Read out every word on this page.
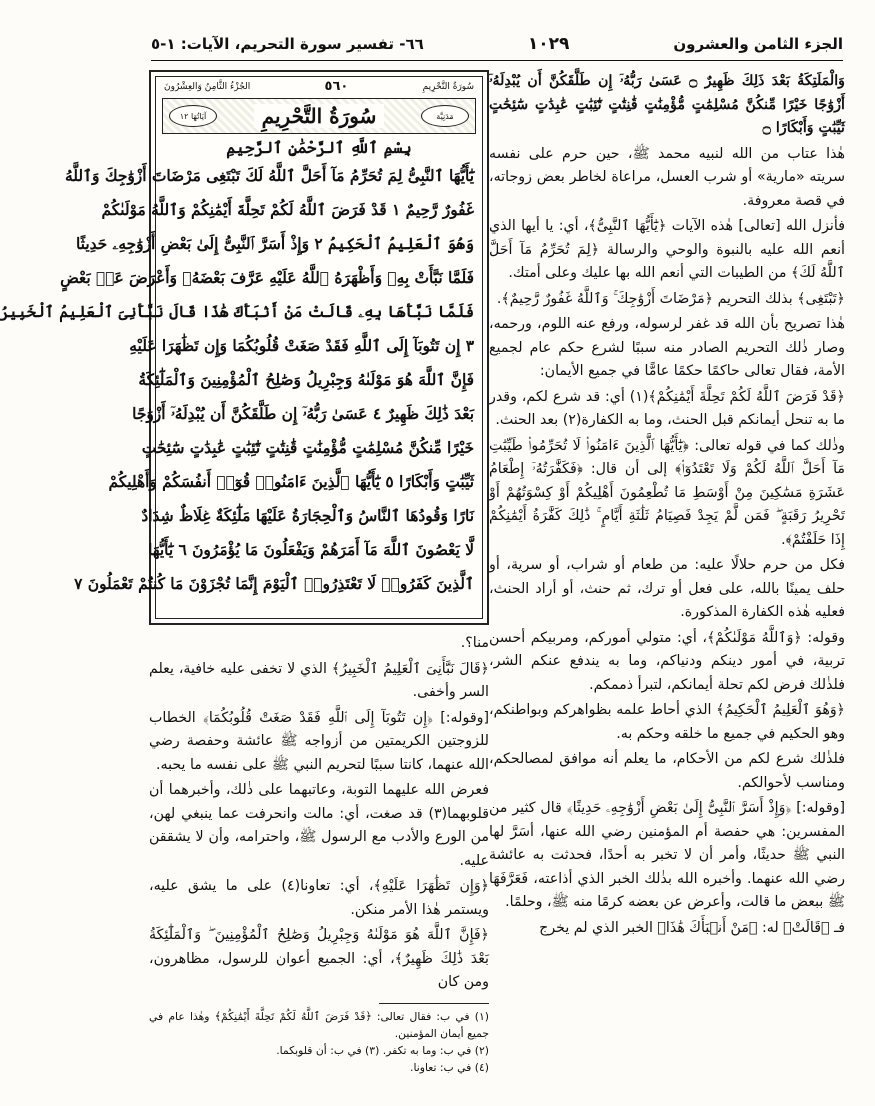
الجزء الثامن والعشرون
١٠٢٩
٦٦- تفسير سورة التحريم، الآيات: ١-٥

وَالْمَلَتِكَةُ بَعْدَ ذَلِكَ ظَهِيرٌ ۝ عَسَىٰ رَبُّهُۥٓ إِن طَلَّقَكُنَّ أَن يُبْدِلَهُۥٓ أَزْوَٰجًا خَيْرًا مِّنكُنَّ مُسْلِمَٰتٍ مُّؤْمِنَٰتٍ قَٰنِتَٰتٍ تَٰٓئِبَٰتٍ عَٰبِدَٰتٍ سَٰٓئِحَٰتٍ ثَيِّبَٰتٍ وَأَبْكَارًا ۝

هٰذا عتاب من الله لنبيه محمد ﷺ، حين حرم على نفسه سريته «مارية» أو شرب العسل، مراعاة لخاطر بعض زوجاته، في قصة معروفة.

فأنزل الله [تعالى] هٰذه الآيات ﴿يَٰٓأَيُّهَا ٱلنَّبِىُّ﴾، أي: يا أيها الذي أنعم الله عليه بالنبوة والوحي والرسالة ﴿لِمَ تُحَرِّمُ مَآ أَحَلَّ ٱللَّهُ لَكَ﴾ من الطيبات التي أنعم الله بها عليك وعلى أمتك.

﴿تَبْتَغِى﴾ بذلك التحريم ﴿مَرْضَاتَ أَزْوَٰجِكَ ۚ وَٱللَّهُ غَفُورٌ رَّحِيمٌ﴾.

هٰذا تصريح بأن الله قد غفر لرسوله، ورفع عنه اللوم، ورحمه، وصار ذٰلك التحريم الصادر منه سببًا لشرع حكم عام لجميع الأمة، فقال تعالى حاكمًا حكمًا عامًّا في جميع الأيمان:

﴿قَدْ فَرَضَ ٱللَّهُ لَكُمْ تَحِلَّةَ أَيْمَٰنِكُمْ﴾(١) أي: قد شرع لكم، وقدر ما به تنحل أيمانكم قبل الحنث، وما به الكفارة(٢) بعد الحنث.

وذٰلك كما في قوله تعالى: ﴿يَٰٓأَيُّهَا ٱلَّذِينَ ءَامَنُوا۟ لَا تُحَرِّمُوا۟ طَيِّبَٰتِ مَآ أَحَلَّ ٱللَّهُ لَكُمْ وَلَا تَعْتَدُوٓا۟﴾ إلى أن قال: ﴿فَكَفَّٰرَتُهُۥٓ إِطْعَامُ عَشَرَةِ مَسَٰكِينَ مِنْ أَوْسَطِ مَا تُطْعِمُونَ أَهْلِيكُمْ أَوْ كِسْوَتُهُمْ أَوْ تَحْرِيرُ رَقَبَةٍ ۖ فَمَن لَّمْ يَجِدْ فَصِيَامُ ثَلَٰثَةِ أَيَّامٍ ۚ ذَٰلِكَ كَفَّٰرَةُ أَيْمَٰنِكُمْ إِذَا حَلَفْتُمْ﴾.

فكل من حرم حلالًا عليه: من طعام أو شراب، أو سرية، أو حلف يمينًا بالله، على فعل أو ترك، ثم حنث، أو أراد الحنث، فعليه هٰذه الكفارة المذكورة.

وقوله: ﴿وَٱللَّهُ مَوْلَىٰكُمْ﴾، أي: متولي أموركم، ومربيكم أحسن تربية، في أمور دينكم ودنياكم، وما به يندفع عنكم الشر، فلذٰلك فرض لكم تحلة أيمانكم، لتبرأ ذممكم.

﴿وَهُوَ ٱلْعَلِيمُ ٱلْحَكِيمُ﴾ الذي أحاط علمه بظواهركم وبواطنكم، وهو الحكيم في جميع ما خلقه وحكم به.

فلذٰلك شرع لكم من الأحكام، ما يعلم أنه موافق لمصالحكم، ومناسب لأحوالكم.

[وقوله:] ﴿وَإِذْ أَسَرَّ ٱلنَّبِىُّ إِلَىٰ بَعْضِ أَزْوَٰجِهِۦ حَدِيثًا﴾ قال كثير من المفسرين: هي حفصة أم المؤمنين رضي الله عنها، أسَرَّ لها النبي ﷺ حديثًا، وأمر أن لا تخبر به أحدًا، فحدثت به عائشة رضي الله عنهما. وأخبره الله بذٰلك الخبر الذي أذاعته، فَعَرَّفَهَا ﷺ ببعض ما قالت، وأعرض عن بعضه كرمًا منه ﷺ، وحلمًا.

فـ ﴿قَالَتْ﴾ له: ﴿مَنْ أَنۢبَأَكَ هَٰذَا﴾ الخبر الذي لم يخرج

سُورَةُ التَّحْرِيمِ
٥٦٠
الجُزْءُ الثَّامِنُ وَالعِشْرُونَ
مَدَنِيَّة
سُورَةُ التَّحْرِيمِ
آيَاتُهَا ١٢
بِسْمِ ٱللَّهِ ٱلرَّحْمَٰنِ ٱلرَّحِيمِ
يَٰٓأَيُّهَا ٱلنَّبِىُّ لِمَ تُحَرِّمُ مَآ أَحَلَّ ٱللَّهُ لَكَ تَبْتَغِى مَرْضَاتَ أَزْوَٰجِكَ وَٱللَّهُ
غَفُورٌ رَّحِيمٌ ١ قَدْ فَرَضَ ٱللَّهُ لَكُمْ تَحِلَّةَ أَيْمَٰنِكُمْ وَٱللَّهُ مَوْلَىٰكُمْ
وَهُوَ ٱلْعَلِيمُ ٱلْحَكِيمُ ٢ وَإِذْ أَسَرَّ ٱلنَّبِىُّ إِلَىٰ بَعْضِ أَزْوَٰجِهِۦ حَدِيثًا
فَلَمَّا نَبَّأَتْ بِهِۦ وَأَظْهَرَهُ ٱللَّهُ عَلَيْهِ عَرَّفَ بَعْضَهُۥ وَأَعْرَضَ عَنۢ بَعْضٍ
فَلَمَّا نَبَّأَهَا بِهِۦ قَالَتْ مَنْ أَنۢبَأَكَ هَٰذَا قَالَ نَبَّأَنِىَ ٱلْعَلِيمُ ٱلْخَبِيرُ
٣ إِن تَتُوبَآ إِلَى ٱللَّهِ فَقَدْ صَغَتْ قُلُوبُكُمَا وَإِن تَظَٰهَرَا عَلَيْهِ
فَإِنَّ ٱللَّهَ هُوَ مَوْلَىٰهُ وَجِبْرِيلُ وَصَٰلِحُ ٱلْمُؤْمِنِينَ وَٱلْمَلَٰٓئِكَةُ
بَعْدَ ذَٰلِكَ ظَهِيرٌ ٤ عَسَىٰ رَبُّهُۥٓ إِن طَلَّقَكُنَّ أَن يُبْدِلَهُۥٓ أَزْوَٰجًا
خَيْرًا مِّنكُنَّ مُسْلِمَٰتٍ مُّؤْمِنَٰتٍ قَٰنِتَٰتٍ تَٰٓئِبَٰتٍ عَٰبِدَٰتٍ سَٰٓئِحَٰتٍ
ثَيِّبَٰتٍ وَأَبْكَارًا ٥ يَٰٓأَيُّهَا ٱلَّذِينَ ءَامَنُوا۟ قُوٓا۟ أَنفُسَكُمْ وَأَهْلِيكُمْ
نَارًا وَقُودُهَا ٱلنَّاسُ وَٱلْحِجَارَةُ عَلَيْهَا مَلَٰٓئِكَةٌ غِلَاظٌ شِدَادٌ
لَّا يَعْصُونَ ٱللَّهَ مَآ أَمَرَهُمْ وَيَفْعَلُونَ مَا يُؤْمَرُونَ ٦ يَٰٓأَيُّهَا
ٱلَّذِينَ كَفَرُوا۟ لَا تَعْتَذِرُوا۟ ٱلْيَوْمَ إِنَّمَا تُجْزَوْنَ مَا كُنتُمْ تَعْمَلُونَ ٧

منا؟.

﴿قَالَ نَبَّأَنِىَ ٱلْعَلِيمُ ٱلْخَبِيرُ﴾ الذي لا تخفى عليه خافية، يعلم السر وأخفى.

[وقوله:] ﴿إِن تَتُوبَآ إِلَى ٱللَّهِ فَقَدْ صَغَتْ قُلُوبُكُمَا﴾ الخطاب للزوجتين الكريمتين من أزواجه ﷺ عائشة وحفصة رضي الله عنهما، كانتا سببًا لتحريم النبي ﷺ على نفسه ما يحبه.

فعرض الله عليهما التوبة، وعاتبهما على ذٰلك، وأخبرهما أن قلوبهما(٣) قد صغت، أي: مالت وانحرفت عما ينبغي لهن، من الورع والأدب مع الرسول ﷺ، واحترامه، وأن لا يشققن عليه.

﴿وَإِن تَظَٰهَرَا عَلَيْهِ﴾، أي: تعاونا(٤) على ما يشق عليه، ويستمر هٰذا الأمر منكن.

﴿فَإِنَّ ٱللَّهَ هُوَ مَوْلَىٰهُ وَجِبْرِيلُ وَصَٰلِحُ ٱلْمُؤْمِنِينَ ۖ وَٱلْمَلَٰٓئِكَةُ بَعْدَ ذَٰلِكَ ظَهِيرٌ﴾، أي: الجميع أعوان للرسول، مظاهرون، ومن كان

(١) في ب: فقال تعالى: ﴿قَدْ فَرَضَ ٱللَّهُ لَكُمْ تَحِلَّةَ أَيْمَٰنِكُمْ﴾ وهٰذا عام في جميع أيمان المؤمنين.

(٢) في ب: وما به تكفر. (٣) في ب: أن قلوبكما.

(٤) في ب: تعاونا.
